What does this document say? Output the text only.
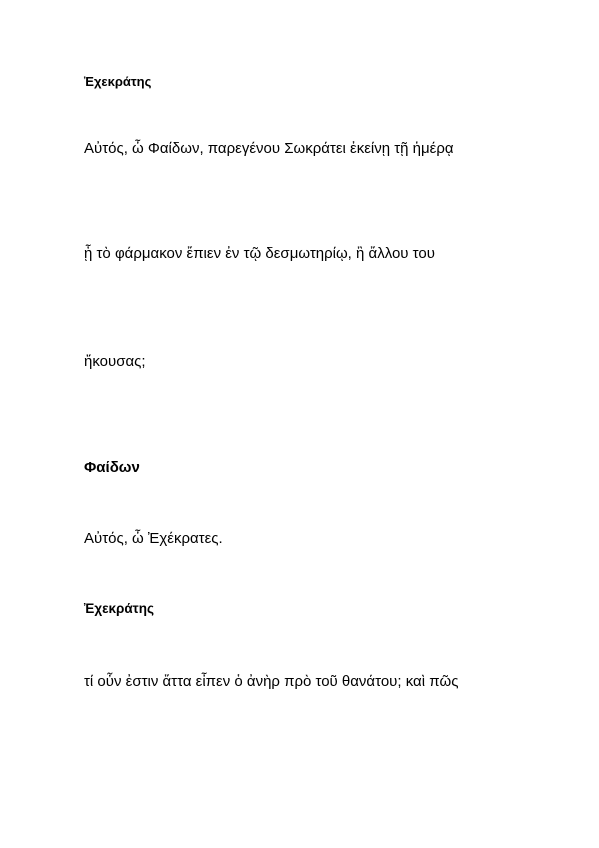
Ἐχεκράτης

Αὐτός, ὦ Φαίδων, παρεγένου Σωκράτει ἐκείνῃ τῇ ἡμέρᾳ

ᾗ τὸ φάρμακον ἔπιεν ἐν τῷ δεσμωτηρίῳ, ἢ ἄλλου του

ἤκουσας;

Φαίδων

Αὐτός, ὦ Ἐχέκρατες.

Ἐχεκράτης

τί οὖν ἐστιν ἅττα εἶπεν ὁ ἀνὴρ πρὸ τοῦ θανάτου; καὶ πῶς
